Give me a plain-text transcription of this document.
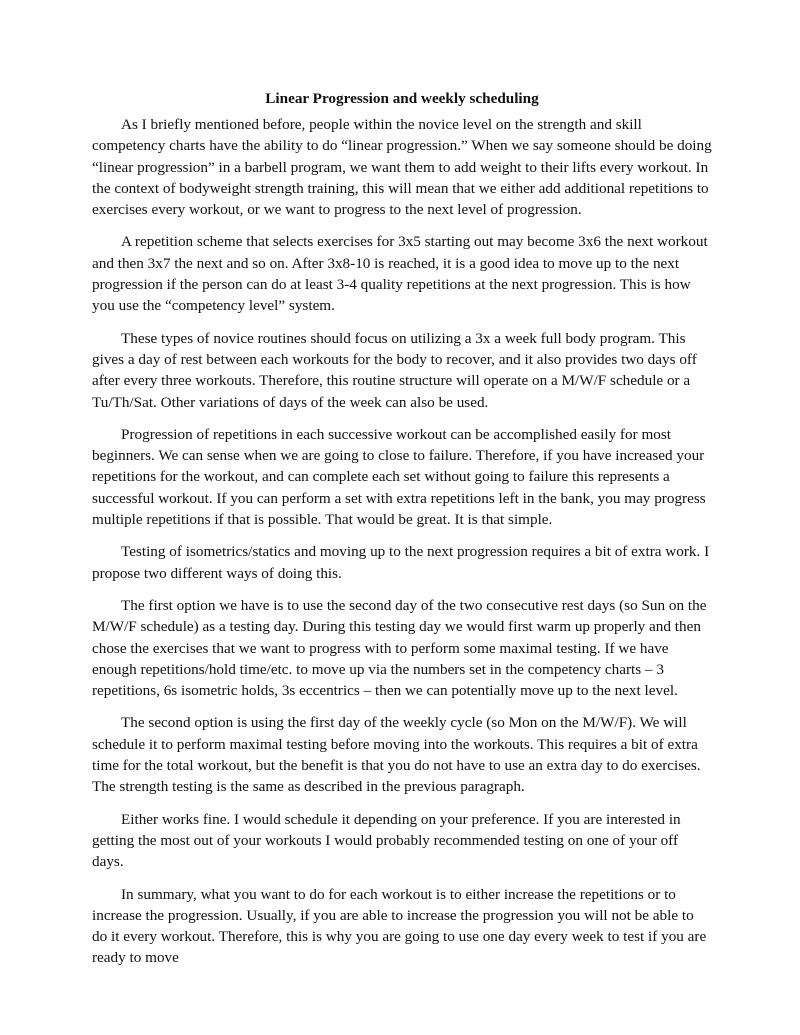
Linear Progression and weekly scheduling

As I briefly mentioned before, people within the novice level on the strength and skill competency charts have the ability to do “linear progression.” When we say someone should be doing “linear progression” in a barbell program, we want them to add weight to their lifts every workout. In the context of bodyweight strength training, this will mean that we either add additional repetitions to exercises every workout, or we want to progress to the next level of progression.

A repetition scheme that selects exercises for 3x5 starting out may become 3x6 the next workout and then 3x7 the next and so on. After 3x8-10 is reached, it is a good idea to move up to the next progression if the person can do at least 3-4 quality repetitions at the next progression. This is how you use the “competency level” system.

These types of novice routines should focus on utilizing a 3x a week full body program. This gives a day of rest between each workouts for the body to recover, and it also provides two days off after every three workouts. Therefore, this routine structure will operate on a M/W/F schedule or a Tu/Th/Sat. Other variations of days of the week can also be used.

Progression of repetitions in each successive workout can be accomplished easily for most beginners. We can sense when we are going to close to failure. Therefore, if you have increased your repetitions for the workout, and can complete each set without going to failure this represents a successful workout. If you can perform a set with extra repetitions left in the bank, you may progress multiple repetitions if that is possible. That would be great. It is that simple.

Testing of isometrics/statics and moving up to the next progression requires a bit of extra work. I propose two different ways of doing this.

The first option we have is to use the second day of the two consecutive rest days (so Sun on the M/W/F schedule) as a testing day. During this testing day we would first warm up properly and then chose the exercises that we want to progress with to perform some maximal testing. If we have enough repetitions/hold time/etc. to move up via the numbers set in the competency charts – 3 repetitions, 6s isometric holds, 3s eccentrics – then we can potentially move up to the next level.

The second option is using the first day of the weekly cycle (so Mon on the M/W/F). We will schedule it to perform maximal testing before moving into the workouts. This requires a bit of extra time for the total workout, but the benefit is that you do not have to use an extra day to do exercises. The strength testing is the same as described in the previous paragraph.

Either works fine. I would schedule it depending on your preference. If you are interested in getting the most out of your workouts I would probably recommended testing on one of your off days.

In summary, what you want to do for each workout is to either increase the repetitions or to increase the progression. Usually, if you are able to increase the progression you will not be able to do it every workout. Therefore, this is why you are going to use one day every week to test if you are ready to move
